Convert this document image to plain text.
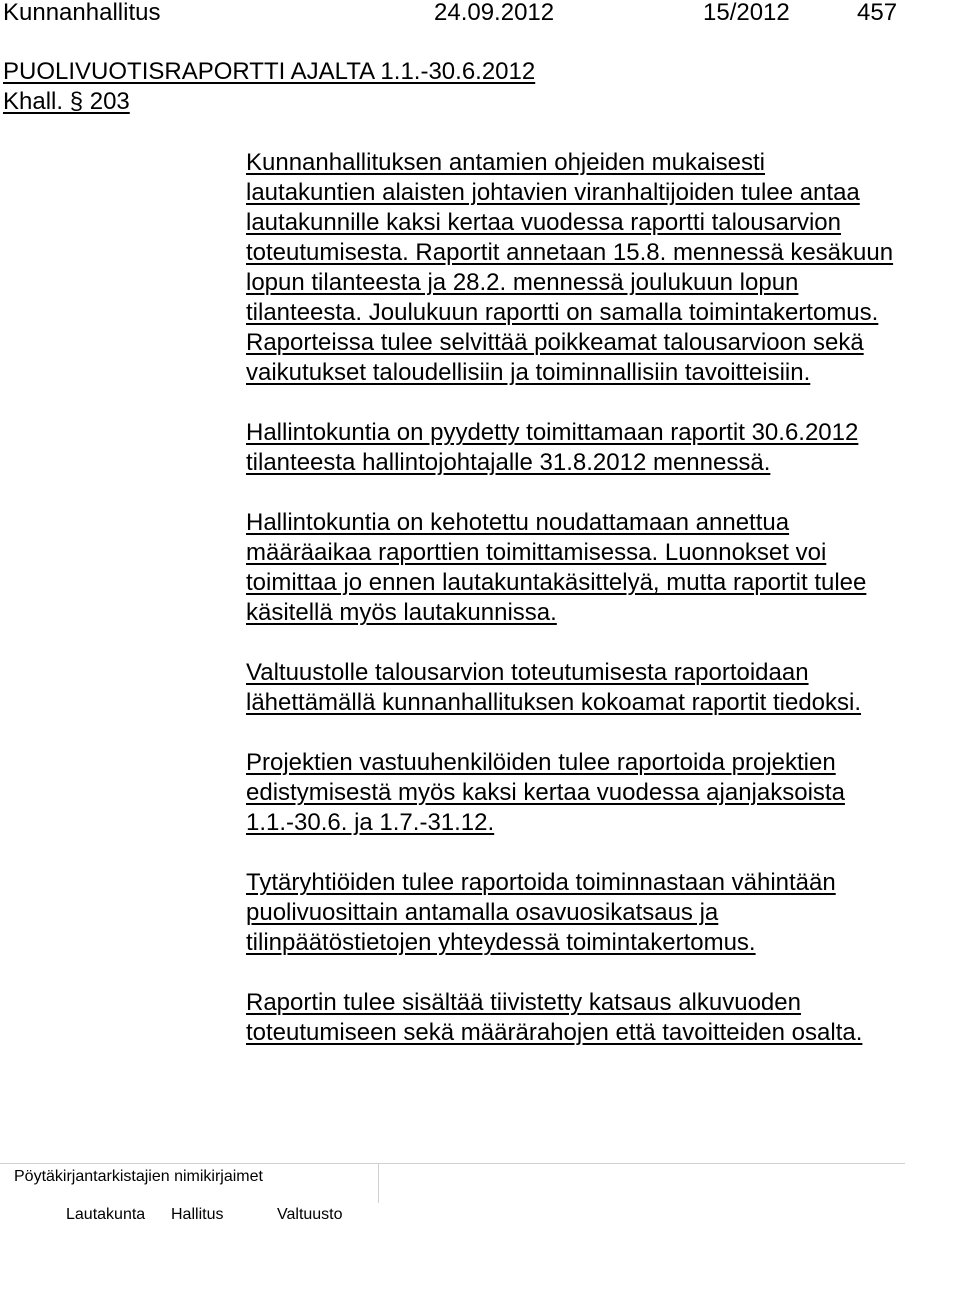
Kunnanhallitus	24.09.2012	15/2012	457
PUOLIVUOTISRAPORTTI AJALTA 1.1.-30.6.2012
Khall. § 203

Kunnanhallituksen antamien ohjeiden mukaisesti
lautakuntien alaisten johtavien viranhaltijoiden tulee antaa
lautakunnille kaksi kertaa vuodessa raportti talousarvion
toteutumisesta. Raportit annetaan 15.8. mennessä kesäkuun
lopun tilanteesta ja 28.2. mennessä joulukuun lopun
tilanteesta. Joulukuun raportti on samalla toimintakertomus.
Raporteissa tulee selvittää poikkeamat talousarvioon sekä
vaikutukset taloudellisiin ja toiminnallisiin tavoitteisiin.

Hallintokuntia on pyydetty toimittamaan raportit 30.6.2012
tilanteesta hallintojohtajalle 31.8.2012 mennessä.

Hallintokuntia on kehotettu noudattamaan annettua
määräaikaa raporttien toimittamisessa. Luonnokset voi
toimittaa jo ennen lautakuntakäsittelyä, mutta raportit tulee
käsitellä myös lautakunnissa.

Valtuustolle talousarvion toteutumisesta raportoidaan
lähettämällä kunnanhallituksen kokoamat raportit tiedoksi.

Projektien vastuuhenkilöiden tulee raportoida projektien
edistymisestä myös kaksi kertaa vuodessa ajanjaksoista
1.1.-30.6. ja 1.7.-31.12.

Tytäryhtiöiden tulee raportoida toiminnastaan vähintään
puolivuosittain antamalla osavuosikatsaus ja
tilinpäätöstietojen yhteydessä toimintakertomus.

Raportin tulee sisältää tiivistetty katsaus alkuvuoden
toteutumiseen sekä määrärahojen että tavoitteiden osalta.

Pöytäkirjantarkistajien nimikirjaimet
Lautakunta Hallitus	Valtuusto
